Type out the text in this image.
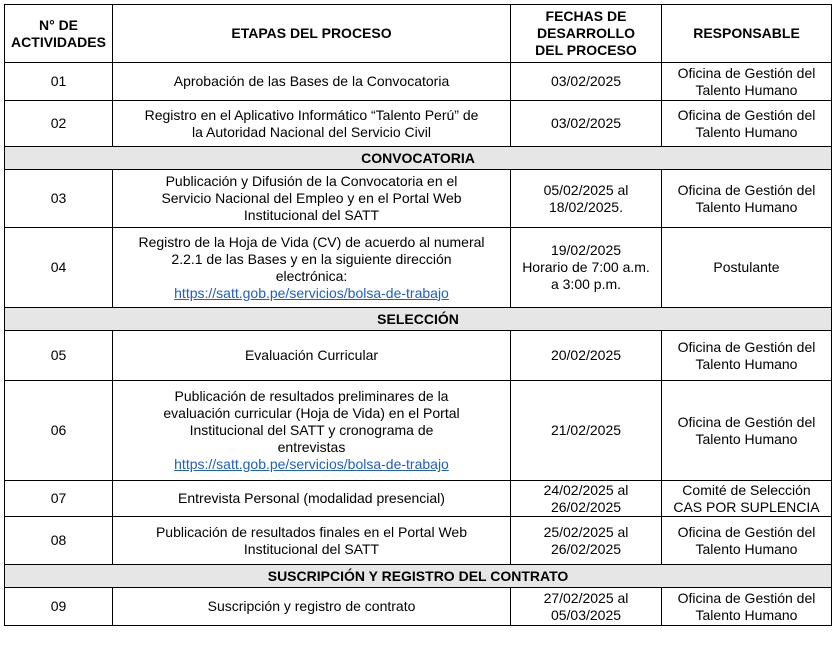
N° DE
ACTIVIDADES	ETAPAS DEL PROCESO	FECHAS DE
DESARROLLO
DEL PROCESO	RESPONSABLE
01	Aprobación de las Bases de la Convocatoria	03/02/2025	Oficina de Gestión del
Talento Humano

02	Registro en el Aplicativo Informático “Talento Perú” de
la Autoridad Nacional del Servicio Civil	03/02/2025	Oficina de Gestión del
Talento Humano

CONVOCATORIA			
03	Publicación y Difusión de la Convocatoria en el
Servicio Nacional del Empleo y en el Portal Web
Institucional del SATT	05/02/2025 al
18/02/2025.	Oficina de Gestión del
Talento Humano

04	Registro de la Hoja de Vida (CV) de acuerdo al numeral
2.2.1 de las Bases y en la siguiente dirección
electrónica:
https://satt.gob.pe/servicios/bolsa-de-trabajo	19/02/2025
Horario de 7:00 a.m.
a 3:00 p.m.	Postulante

SELECCIÓN			
05	Evaluación Curricular	20/02/2025	Oficina de Gestión del
Talento Humano

06	Publicación de resultados preliminares de la
evaluación curricular (Hoja de Vida) en el Portal
Institucional del SATT y cronograma de
entrevistas
https://satt.gob.pe/servicios/bolsa-de-trabajo	21/02/2025	Oficina de Gestión del
Talento Humano

07	Entrevista Personal (modalidad presencial)	24/02/2025 al
26/02/2025	Comité de Selección
CAS POR SUPLENCIA

08	Publicación de resultados finales en el Portal Web
Institucional del SATT	25/02/2025 al
26/02/2025	Oficina de Gestión del
Talento Humano

SUSCRIPCIÓN Y REGISTRO DEL CONTRATO			
09	Suscripción y registro de contrato	27/02/2025 al
05/03/2025	Oficina de Gestión del
Talento Humano
